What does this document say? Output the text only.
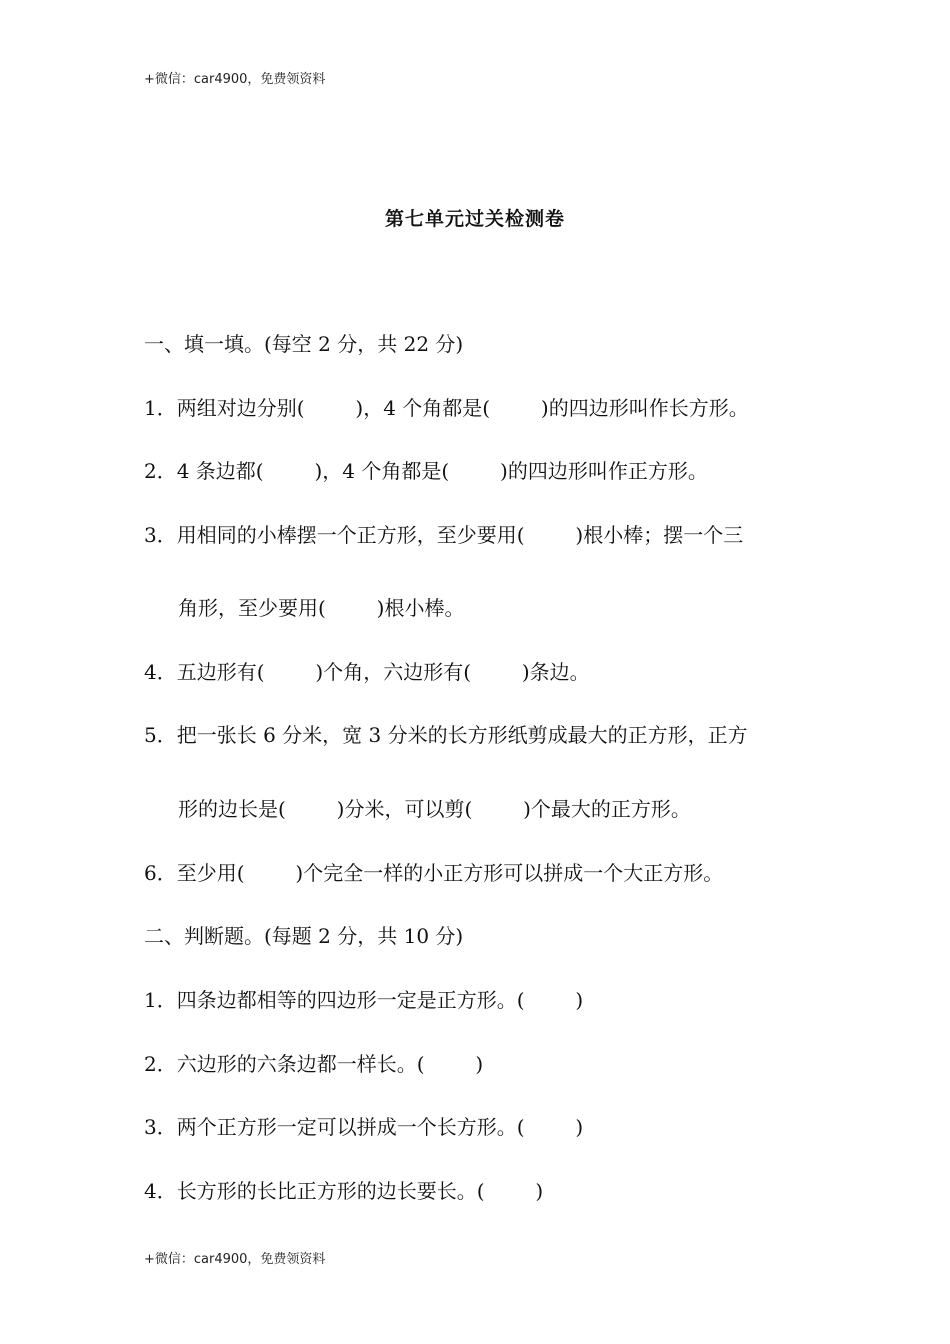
+微信：car4900，免费领资料
第七单元过关检测卷
一、填一填。(每空 2 分，共 22 分)
1．两组对边分别(        )，4 个角都是(        )的四边形叫作长方形。
2．4 条边都(        )，4 个角都是(        )的四边形叫作正方形。
3．用相同的小棒摆一个正方形，至少要用(        )根小棒；摆一个三
角形，至少要用(        )根小棒。
4．五边形有(        )个角，六边形有(        )条边。
5．把一张长 6 分米，宽 3 分米的长方形纸剪成最大的正方形，正方
形的边长是(        )分米，可以剪(        )个最大的正方形。
6．至少用(        )个完全一样的小正方形可以拼成一个大正方形。
二、判断题。(每题 2 分，共 10 分)
1．四条边都相等的四边形一定是正方形。(        )
2．六边形的六条边都一样长。(        )
3．两个正方形一定可以拼成一个长方形。(        )
4．长方形的长比正方形的边长要长。(        )
+微信：car4900，免费领资料
